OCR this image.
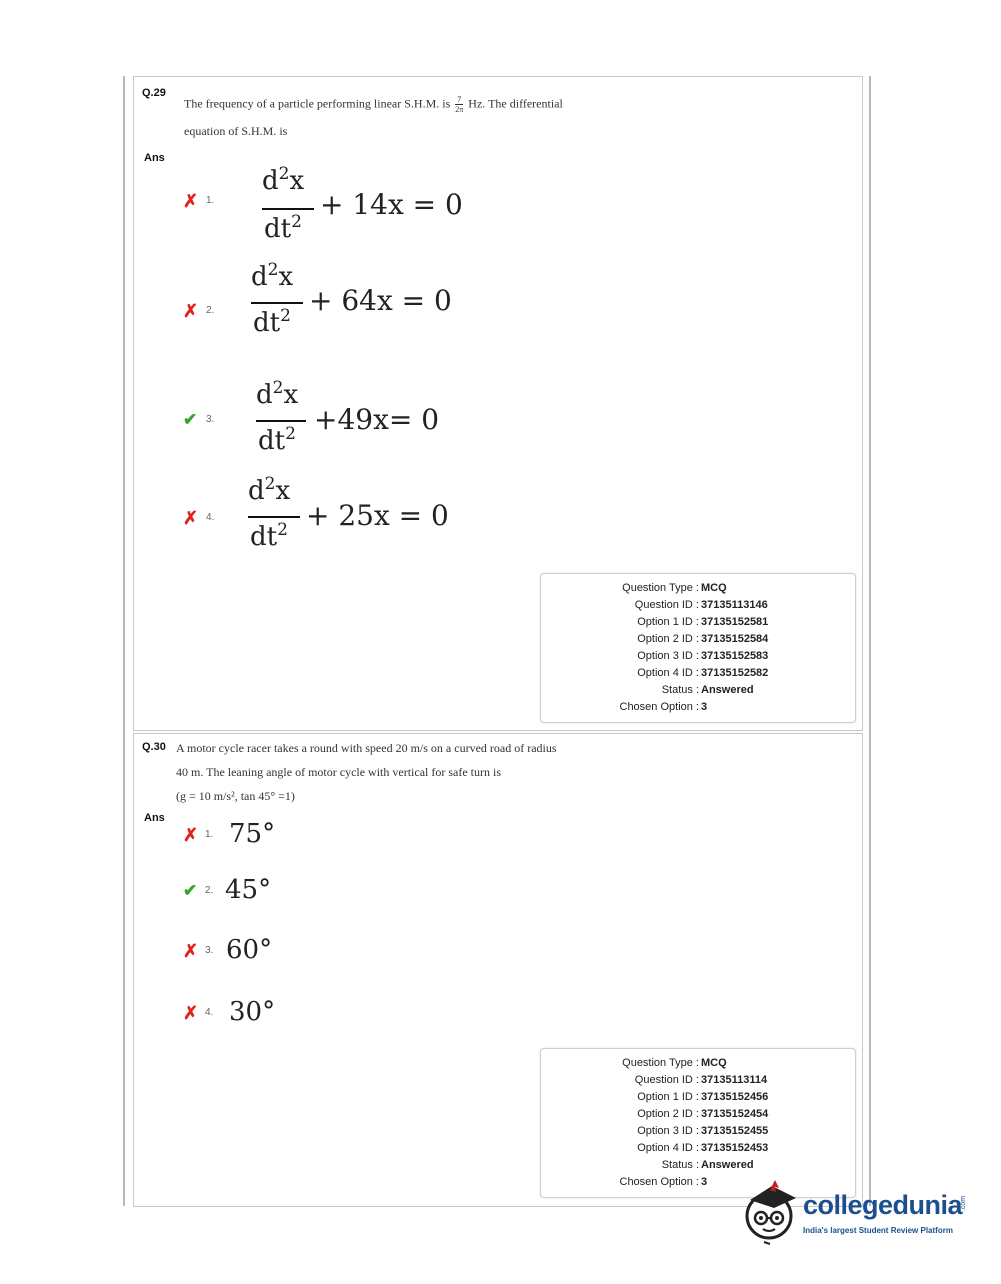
Q.29
The frequency of a particle performing linear S.H.M. is $\frac{7}{2\pi} Hz$. The differential
equation of S.H.M. is
Ans
✗ 1.
$d^2x$
$dt^2$
+ 14x = 0
✗ 2.
$d^2x$
$dt^2 + 64x = 0$
✔ 3.
$d^2x$
$dt^2 +49x= 0$
✗ 4.
$d^2x$
$dt^2 + 25x = 0$
Question Type : MCQ
Question ID : 37135113146
Option 1 ID : 37135152581
Option 2 ID : 37135152584
Option 3 ID : 37135152583
Option 4 ID : 37135152582
Status : Answered
Chosen Option : 3
Q.30 A motor cycle racer takes a round with speed 20 m/s on a curved road of radius
40 m. The leaning angle of motor cycle with vertical for safe turn is
(g = 10 m/s², tan 45° =1)
Ans
✗ 1. 75°
✔ 2. 45°
✗ 3. 60°
✗ 4. 30°
Question Type : MCQ
Question ID : 37135113114
Option 1 ID : 37135152456
Option 2 ID : 37135152454
Option 3 ID : 37135152455
Option 4 ID : 37135152453
Status : Answered
Chosen Option : 3
collegedunia
.com
India's largest Student Review Platform
